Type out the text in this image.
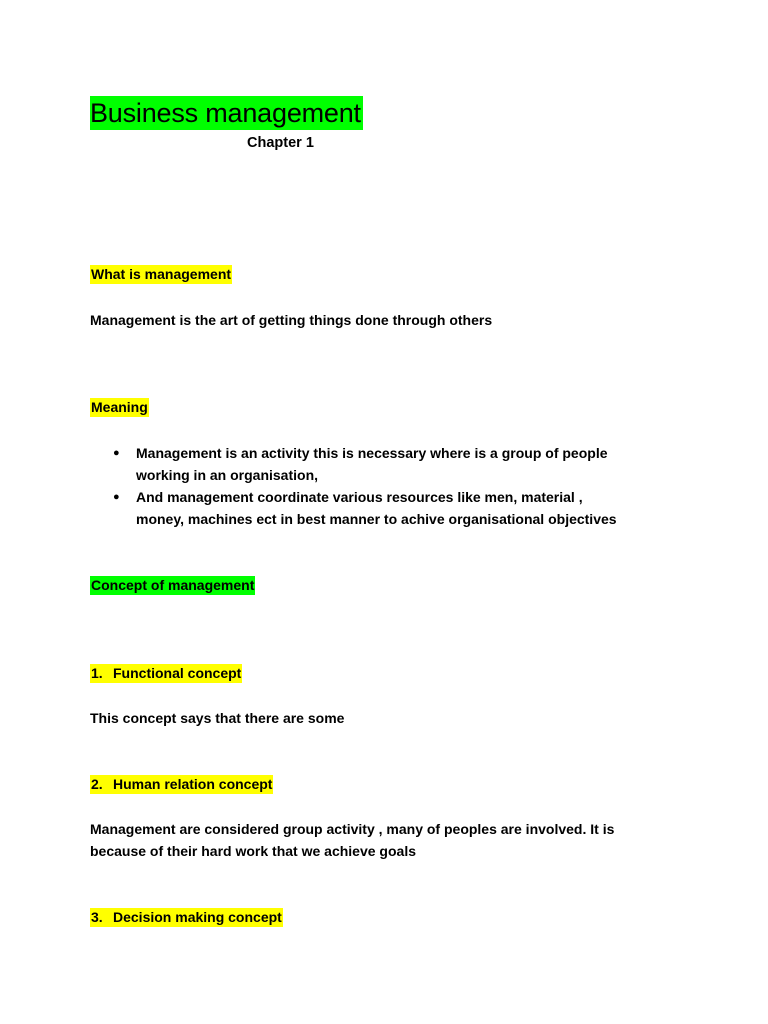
Business management
Chapter 1
What is management
Management is the art of getting things done through others
Meaning
● Management is an activity this is necessary where is a group of people
working in an organisation,
● And management coordinate various resources like men, material ,
money, machines ect in best manner to achive organisational objectives
Concept of management
1. Functional concept
This concept says that there are some
2. Human relation concept
Management are considered group activity , many of peoples are involved. It is
because of their hard work that we achieve goals
3. Decision making concept
